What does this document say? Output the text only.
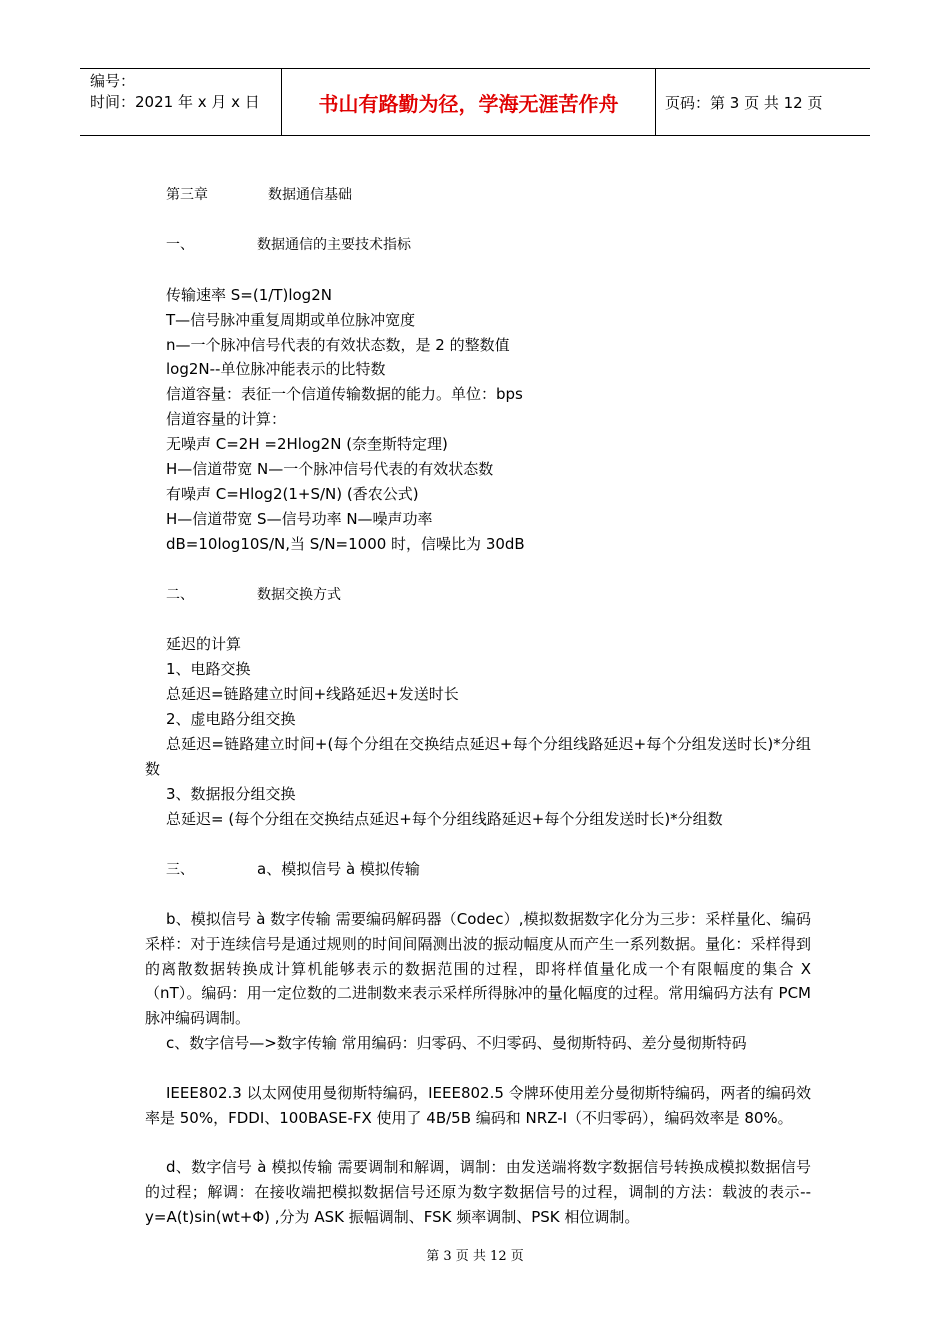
编号：
时间：2021 年 x 月 x 日	书山有路勤为径，学海无涯苦作舟	页码：第 3 页 共 12 页
第三章	数据通信基础
一、	数据通信的主要技术指标
传输速率 S=(1/T)log2N
T—信号脉冲重复周期或单位脉冲宽度
n—一个脉冲信号代表的有效状态数，是 2 的整数值
log2N--单位脉冲能表示的比特数
信道容量：表征一个信道传输数据的能力。单位：bps
信道容量的计算：
无噪声 C=2H =2Hlog2N (奈奎斯特定理)
H—信道带宽 N—一个脉冲信号代表的有效状态数
有噪声 C=Hlog2(1+S/N) (香农公式)
H—信道带宽 S—信号功率 N—噪声功率
dB=10log10S/N,当 S/N=1000 时，信噪比为 30dB
二、	数据交换方式
延迟的计算
1、电路交换
总延迟=链路建立时间+线路延迟+发送时长
2、虚电路分组交换

总延迟=链路建立时间+(每个分组在交换结点延迟+每个分组线路延迟+每个分组发送时长)*分组数

3、数据报分组交换
总延迟= (每个分组在交换结点延迟+每个分组线路延迟+每个分组发送时长)*分组数
三、	a、模拟信号 à 模拟传输

b、模拟信号 à 数字传输 需要编码解码器（Codec）,模拟数据数字化分为三步：采样量化、编码 采样：对于连续信号是通过规则的时间间隔测出波的振动幅度从而产生一系列数据。量化：采样得到的离散数据转换成计算机能够表示的数据范围的过程，即将样值量化成一个有限幅度的集合 X（nT）。编码：用一定位数的二进制数来表示采样所得脉冲的量化幅度的过程。常用编码方法有 PCM 脉冲编码调制。

c、数字信号—>数字传输 常用编码：归零码、不归零码、曼彻斯特码、差分曼彻斯特码

IEEE802.3 以太网使用曼彻斯特编码，IEEE802.5 令牌环使用差分曼彻斯特编码，两者的编码效率是 50%，FDDI、100BASE-FX 使用了 4B/5B 编码和 NRZ-I（不归零码），编码效率是 80%。

d、数字信号 à 模拟传输 需要调制和解调，调制：由发送端将数字数据信号转换成模拟数据信号的过程；解调：在接收端把模拟数据信号还原为数字数据信号的过程，调制的方法：载波的表示--y=A(t)sin(wt+Φ) ,分为 ASK 振幅调制、FSK 频率调制、PSK 相位调制。

第 3 页 共 12 页
